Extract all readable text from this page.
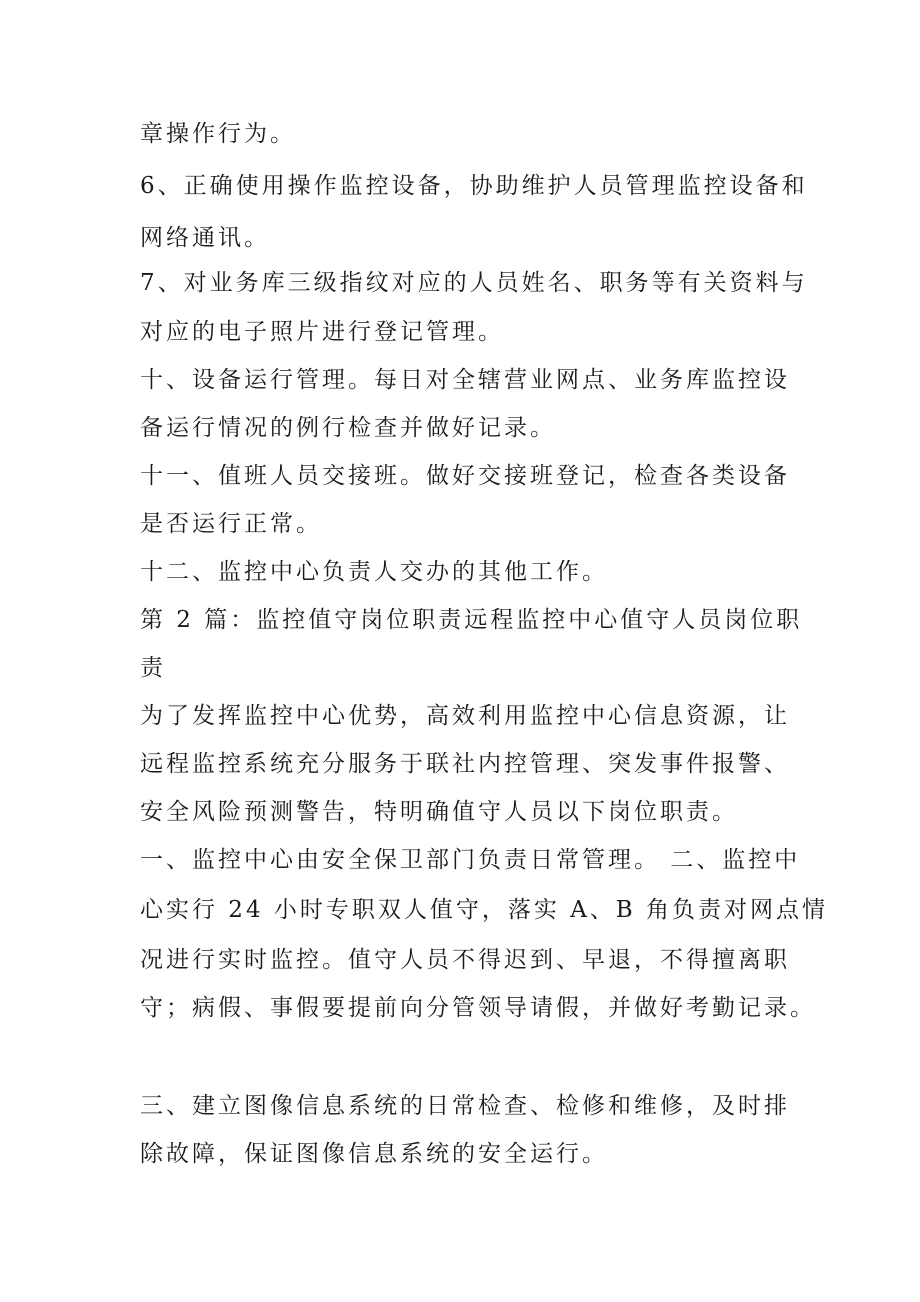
章操作行为。
6、正确使用操作监控设备，协助维护人员管理监控设备和
网络通讯。
7、对业务库三级指纹对应的人员姓名、职务等有关资料与
对应的电子照片进行登记管理。
十、设备运行管理。每日对全辖营业网点、业务库监控设
备运行情况的例行检查并做好记录。
十一、值班人员交接班。做好交接班登记，检查各类设备
是否运行正常。
十二、监控中心负责人交办的其他工作。
第 2 篇：监控值守岗位职责远程监控中心值守人员岗位职
责
为了发挥监控中心优势，高效利用监控中心信息资源，让
远程监控系统充分服务于联社内控管理、突发事件报警、
安全风险预测警告，特明确值守人员以下岗位职责。
一、监控中心由安全保卫部门负责日常管理。 二、监控中
心实行 24 小时专职双人值守，落实 A、B 角负责对网点情
况进行实时监控。值守人员不得迟到、早退，不得擅离职
守；病假、事假要提前向分管领导请假，并做好考勤记录。
三、建立图像信息系统的日常检查、检修和维修，及时排
除故障，保证图像信息系统的安全运行。
